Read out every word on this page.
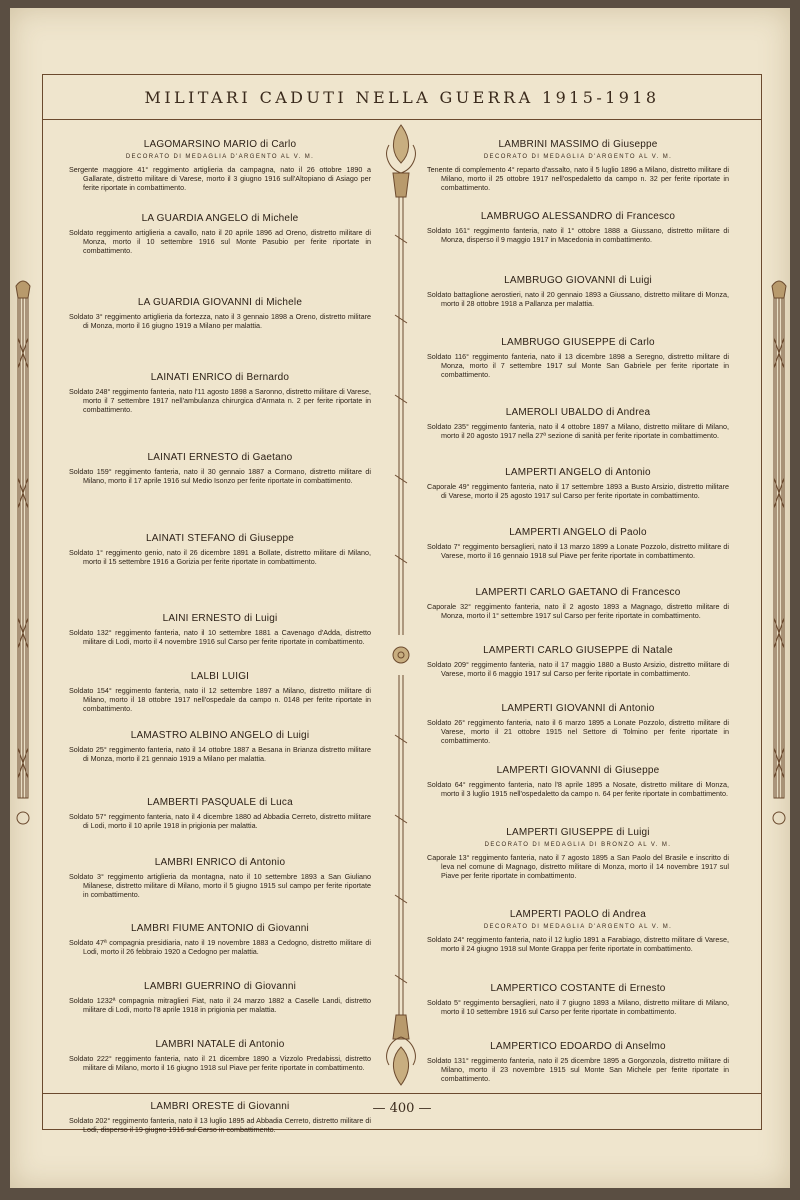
MILITARI CADUTI NELLA GUERRA 1915-1918
LAGOMARSINO MARIO di Carlo
DECORATO DI MEDAGLIA D'ARGENTO AL V. M.
Sergente maggiore 41° reggimento artiglieria da campagna, nato il 26 ottobre 1890 a Gallarate, distretto militare di Varese, morto il 3 giugno 1916 sull'Altopiano di Asiago per ferite riportate in combattimento.
LA GUARDIA ANGELO di Michele
Soldato reggimento artiglieria a cavallo, nato il 20 aprile 1896 ad Oreno, distretto militare di Monza, morto il 10 settembre 1916 sul Monte Pasubio per ferite riportate in combattimento.
LA GUARDIA GIOVANNI di Michele
Soldato 3° reggimento artiglieria da fortezza, nato il 3 gennaio 1898 a Oreno, distretto militare di Monza, morto il 16 giugno 1919 a Milano per malattia.
LAINATI ENRICO di Bernardo
Soldato 248° reggimento fanteria, nato l'11 agosto 1898 a Saronno, distretto militare di Varese, morto il 7 settembre 1917 nell'ambulanza chirurgica d'Armata n. 2 per ferite riportate in combattimento.
LAINATI ERNESTO di Gaetano
Soldato 159° reggimento fanteria, nato il 30 gennaio 1887 a Cormano, distretto militare di Milano, morto il 17 aprile 1916 sul Medio Isonzo per ferite riportate in combattimento.
LAINATI STEFANO di Giuseppe
Soldato 1° reggimento genio, nato il 26 dicembre 1891 a Bollate, distretto militare di Milano, morto il 15 settembre 1916 a Gorizia per ferite riportate in combattimento.
LAINI ERNESTO di Luigi
Soldato 132° reggimento fanteria, nato il 10 settembre 1881 a Cavenago d'Adda, distretto militare di Lodi, morto il 4 novembre 1916 sul Carso per ferite riportate in combattimento.
LALBI LUIGI
Soldato 154° reggimento fanteria, nato il 12 settembre 1897 a Milano, distretto militare di Milano, morto il 18 ottobre 1917 nell'ospedale da campo n. 0148 per ferite riportate in combattimento.
LAMASTRO ALBINO ANGELO di Luigi
Soldato 25° reggimento fanteria, nato il 14 ottobre 1887 a Besana in Brianza distretto militare di Monza, morto il 21 gennaio 1919 a Milano per malattia.
LAMBERTI PASQUALE di Luca
Soldato 57° reggimento fanteria, nato il 4 dicembre 1880 ad Abbadia Cerreto, distretto militare di Lodi, morto il 10 aprile 1918 in prigionia per malattia.
LAMBRI ENRICO di Antonio
Soldato 3° reggimento artiglieria da montagna, nato il 10 settembre 1893 a San Giuliano Milanese, distretto militare di Milano, morto il 5 giugno 1915 sul campo per ferite riportate in combattimento.
LAMBRI FIUME ANTONIO di Giovanni
Soldato 47ª compagnia presidiaria, nato il 19 novembre 1883 a Cedogno, distretto militare di Lodi, morto il 26 febbraio 1920 a Cedogno per malattia.
LAMBRI GUERRINO di Giovanni
Soldato 1232ª compagnia mitraglieri Fiat, nato il 24 marzo 1882 a Caselle Landi, distretto militare di Lodi, morto l'8 aprile 1918 in prigionia per malattia.
LAMBRI NATALE di Antonio
Soldato 222° reggimento fanteria, nato il 21 dicembre 1890 a Vizzolo Predabissi, distretto militare di Milano, morto il 16 giugno 1918 sul Piave per ferite riportate in combattimento.
LAMBRI ORESTE di Giovanni
Soldato 202° reggimento fanteria, nato il 13 luglio 1895 ad Abbadia Cerreto, distretto militare di Lodi, disperso il 19 giugno 1916 sul Carso in combattimento.
LAMBRINI MASSIMO di Giuseppe
DECORATO DI MEDAGLIA D'ARGENTO AL V. M.
Tenente di complemento 4° reparto d'assalto, nato il 5 luglio 1896 a Milano, distretto militare di Milano, morto il 25 ottobre 1917 nell'ospedaletto da campo n. 32 per ferite riportate in combattimento.
LAMBRUGO ALESSANDRO di Francesco
Soldato 161° reggimento fanteria, nato il 1° ottobre 1888 a Giussano, distretto militare di Monza, disperso il 9 maggio 1917 in Macedonia in combattimento.
LAMBRUGO GIOVANNI di Luigi
Soldato battaglione aerostieri, nato il 20 gennaio 1893 a Giussano, distretto militare di Monza, morto il 28 ottobre 1918 a Pallanza per malattia.
LAMBRUGO GIUSEPPE di Carlo
Soldato 116° reggimento fanteria, nato il 13 dicembre 1898 a Seregno, distretto militare di Monza, morto il 7 settembre 1917 sul Monte San Gabriele per ferite riportate in combattimento.
LAMEROLI UBALDO di Andrea
Soldato 235° reggimento fanteria, nato il 4 ottobre 1897 a Milano, distretto militare di Milano, morto il 20 agosto 1917 nella 27ª sezione di sanità per ferite riportate in combattimento.
LAMPERTI ANGELO di Antonio
Caporale 49° reggimento fanteria, nato il 17 settembre 1893 a Busto Arsizio, distretto militare di Varese, morto il 25 agosto 1917 sul Carso per ferite riportate in combattimento.
LAMPERTI ANGELO di Paolo
Soldato 7° reggimento bersaglieri, nato il 13 marzo 1899 a Lonate Pozzolo, distretto militare di Varese, morto il 16 gennaio 1918 sul Piave per ferite riportate in combattimento.
LAMPERTI CARLO GAETANO di Francesco
Caporale 32° reggimento fanteria, nato il 2 agosto 1893 a Magnago, distretto militare di Monza, morto il 1° settembre 1917 sul Carso per ferite riportate in combattimento.
LAMPERTI CARLO GIUSEPPE di Natale
Soldato 209° reggimento fanteria, nato il 17 maggio 1880 a Busto Arsizio, distretto militare di Varese, morto il 6 maggio 1917 sul Carso per ferite riportate in combattimento.
LAMPERTI GIOVANNI di Antonio
Soldato 26° reggimento fanteria, nato il 6 marzo 1895 a Lonate Pozzolo, distretto militare di Varese, morto il 21 ottobre 1915 nel Settore di Tolmino per ferite riportate in combattimento.
LAMPERTI GIOVANNI di Giuseppe
Soldato 64° reggimento fanteria, nato l'8 aprile 1895 a Nosate, distretto militare di Monza, morto il 3 luglio 1915 nell'ospedaletto da campo n. 64 per ferite riportate in combattimento.
LAMPERTI GIUSEPPE di Luigi
DECORATO DI MEDAGLIA DI BRONZO AL V. M.
Caporale 13° reggimento fanteria, nato il 7 agosto 1895 a San Paolo del Brasile e inscritto di leva nel comune di Magnago, distretto militare di Monza, morto il 14 novembre 1917 sul Piave per ferite riportate in combattimento.
LAMPERTI PAOLO di Andrea
DECORATO DI MEDAGLIA D'ARGENTO AL V. M.
Soldato 24° reggimento fanteria, nato il 12 luglio 1891 a Farabiago, distretto militare di Varese, morto il 24 giugno 1918 sul Monte Grappa per ferite riportate in combattimento.
LAMPERTICO COSTANTE di Ernesto
Soldato 5° reggimento bersaglieri, nato il 7 giugno 1893 a Milano, distretto militare di Milano, morto il 10 settembre 1916 sul Carso per ferite riportate in combattimento.
LAMPERTICO EDOARDO di Anselmo
Soldato 131° reggimento fanteria, nato il 25 dicembre 1895 a Gorgonzola, distretto militare di Milano, morto il 23 novembre 1915 sul Monte San Michele per ferite riportate in combattimento.
— 400 —
